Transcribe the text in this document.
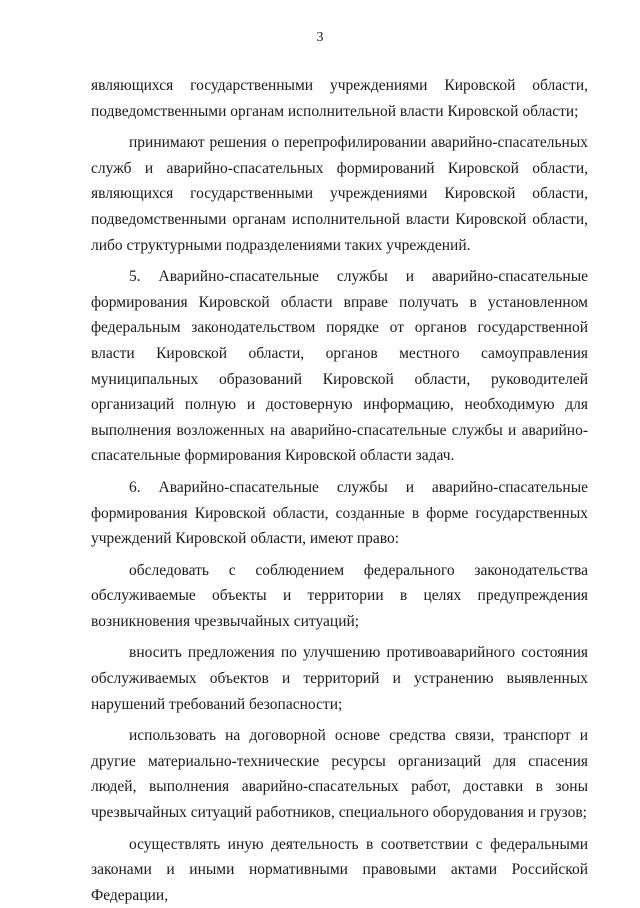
3

являющихся государственными учреждениями Кировской области, подведомственными органам исполнительной власти Кировской области;

принимают решения о перепрофилировании аварийно-спасательных служб и аварийно-спасательных формирований Кировской области, являющихся государственными учреждениями Кировской области, подведомственными органам исполнительной власти Кировской области, либо структурными подразделениями таких учреждений.

5. Аварийно-спасательные службы и аварийно-спасательные формирования Кировской области вправе получать в установленном федеральным законодательством порядке от органов государственной власти Кировской области, органов местного самоуправления муниципальных образований Кировской области, руководителей организаций полную и достоверную информацию, необходимую для выполнения возложенных на аварийно-спасательные службы и аварийно-спасательные формирования Кировской области задач.

6. Аварийно-спасательные службы и аварийно-спасательные формирования Кировской области, созданные в форме государственных учреждений Кировской области, имеют право:

обследовать с соблюдением федерального законодательства обслуживаемые объекты и территории в целях предупреждения возникновения чрезвычайных ситуаций;

вносить предложения по улучшению противоаварийного состояния обслуживаемых объектов и территорий и устранению выявленных нарушений требований безопасности;

использовать на договорной основе средства связи, транспорт и другие материально-технические ресурсы организаций для спасения людей, выполнения аварийно-спасательных работ, доставки в зоны чрезвычайных ситуаций работников, специального оборудования и грузов;

осуществлять иную деятельность в соответствии с федеральными законами и иными нормативными правовыми актами Российской Федерации,
